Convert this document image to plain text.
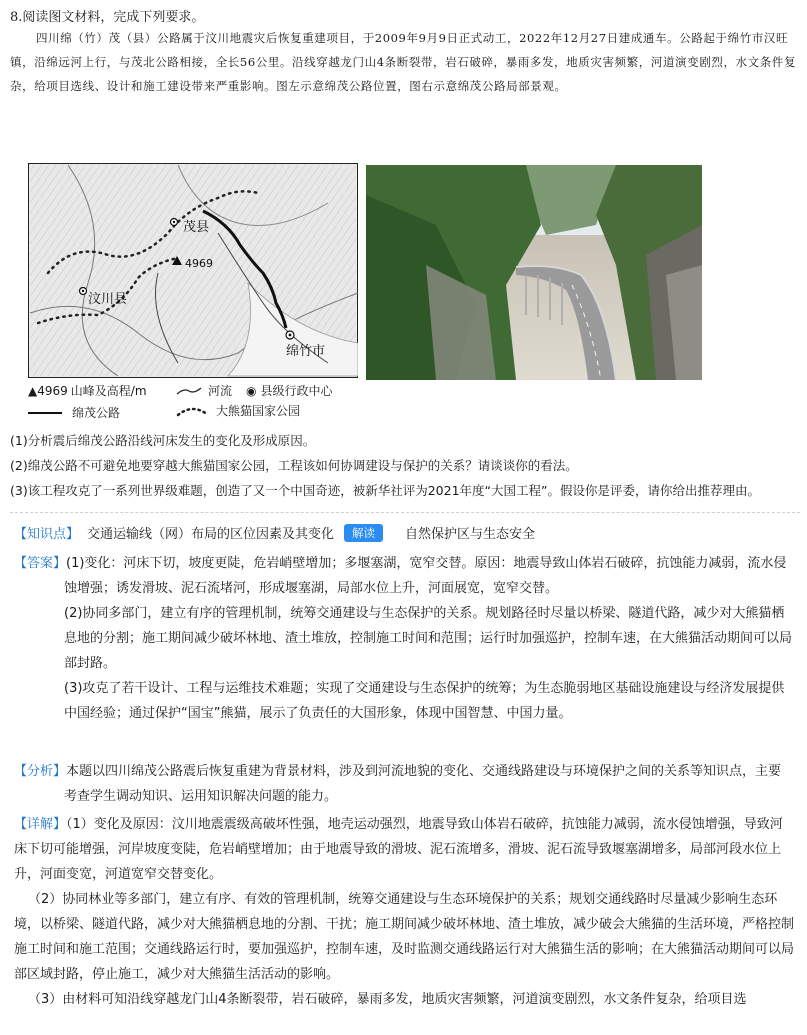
8.阅读图文材料，完成下列要求。

四川绵（竹）茂（县）公路属于汶川地震灾后恢复重建项目，于2009年9月9日正式动工，2022年12月27日建成通车。公路起于绵竹市汉旺镇，沿绵远河上行，与茂北公路相接，全长56公里。沿线穿越龙门山4条断裂带，岩石破碎，暴雨多发，地质灾害频繁，河道演变剧烈，水文条件复杂，给项目选线、设计和施工建设带来严重影响。图左示意绵茂公路位置，图右示意绵茂公路局部景观。

茂县
汶川县
绵竹市
4969
▲ 4969 山峰及高程/m	河流 ◉ 县级行政中心
绵茂公路	大熊猫国家公园

(1)分析震后绵茂公路沿线河床发生的变化及形成原因。

(2)绵茂公路不可避免地要穿越大熊猫国家公园，工程该如何协调建设与保护的关系？请谈谈你的看法。

(3)该工程攻克了一系列世界级难题，创造了又一个中国奇迹，被新华社评为2021年度“大国工程”。假设你是评委，请你给出推荐理由。

【知识点】 交通运输线（网）布局的区位因素及其变化	解读	自然保护区与生态安全

【答案】(1)变化：河床下切，坡度更陡，危岩峭壁增加；多堰塞湖，宽窄交替。原因：地震导致山体岩石破碎，抗蚀能力减弱，流水侵蚀增强；诱发滑坡、泥石流堵河，形成堰塞湖，局部水位上升，河面展宽，宽窄交替。

(2)协同多部门，建立有序的管理机制，统筹交通建设与生态保护的关系。规划路径时尽量以桥梁、隧道代路，减少对大熊猫栖息地的分割；施工期间减少破坏林地、渣土堆放，控制施工时间和范围；运行时加强巡护，控制车速，在大熊猫活动期间可以局部封路。

(3)攻克了若干设计、工程与运维技术难题；实现了交通建设与生态保护的统筹；为生态脆弱地区基础设施建设与经济发展提供中国经验；通过保护“国宝”熊猫，展示了负责任的大国形象，体现中国智慧、中国力量。

【分析】本题以四川绵茂公路震后恢复重建为背景材料，涉及到河流地貌的变化、交通线路建设与环境保护之间的关系等知识点，主要考查学生调动知识、运用知识解决问题的能力。

【详解】（1）变化及原因：汶川地震震级高破坏性强，地壳运动强烈，地震导致山体岩石破碎，抗蚀能力减弱，流水侵蚀增强，导致河床下切可能增强，河岸坡度变陡，危岩峭壁增加；由于地震导致的滑坡、泥石流增多，滑坡、泥石流导致堰塞湖增多，局部河段水位上升，河面变宽，河道宽窄交替变化。

（2）协同林业等多部门，建立有序、有效的管理机制，统筹交通建设与生态环境保护的关系；规划交通线路时尽量减少影响生态环境，以桥梁、隧道代路，减少对大熊猫栖息地的分割、干扰；施工期间减少破坏林地、渣土堆放，减少破会大熊猫的生活环境，严格控制施工时间和施工范围；交通线路运行时，要加强巡护，控制车速，及时监测交通线路运行对大熊猫生活的影响；在大熊猫活动期间可以局部区域封路，停止施工，减少对大熊猫生活活动的影响。

（3）由材料可知沿线穿越龙门山4条断裂带，岩石破碎，暴雨多发，地质灾害频繁，河道演变剧烈，水文条件复杂，给项目选
